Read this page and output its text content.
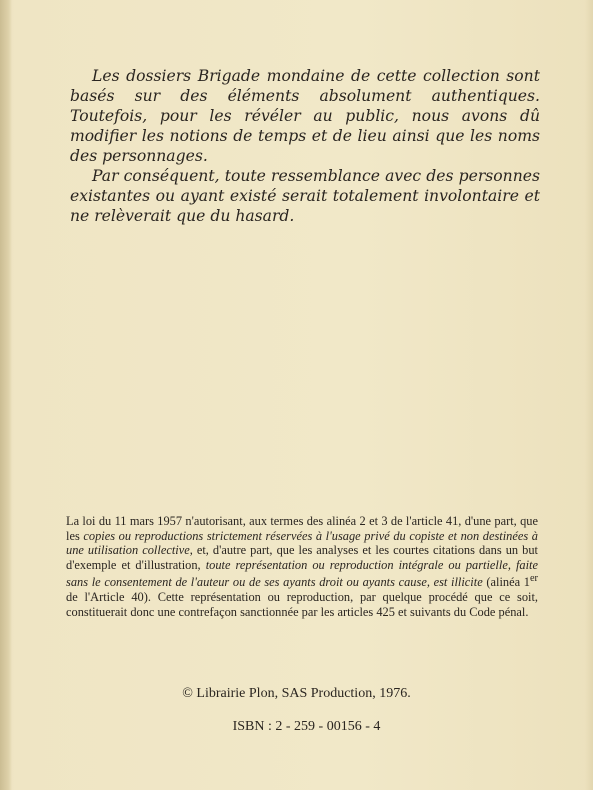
Les dossiers Brigade mondaine de cette collection sont basés sur des éléments absolument authentiques. Toutefois, pour les révéler au public, nous avons dû modifier les notions de temps et de lieu ainsi que les noms des personnages.

Par conséquent, toute ressemblance avec des personnes existantes ou ayant existé serait totalement involontaire et ne relèverait que du hasard.

La loi du 11 mars 1957 n'autorisant, aux termes des alinéa 2 et 3 de l'article 41, d'une part, que les copies ou reproductions strictement réservées à l'usage privé du copiste et non destinées à une utilisation collective, et, d'autre part, que les analyses et les courtes citations dans un but d'exemple et d'illustration, toute représentation ou reproduction intégrale ou partielle, faite sans le consentement de l'auteur ou de ses ayants droit ou ayants cause, est illicite (alinéa 1er de l'Article 40). Cette représentation ou reproduction, par quelque procédé que ce soit, constituerait donc une contrefaçon sanctionnée par les articles 425 et suivants du Code pénal.

© Librairie Plon, SAS Production, 1976.
ISBN : 2 - 259 - 00156 - 4
